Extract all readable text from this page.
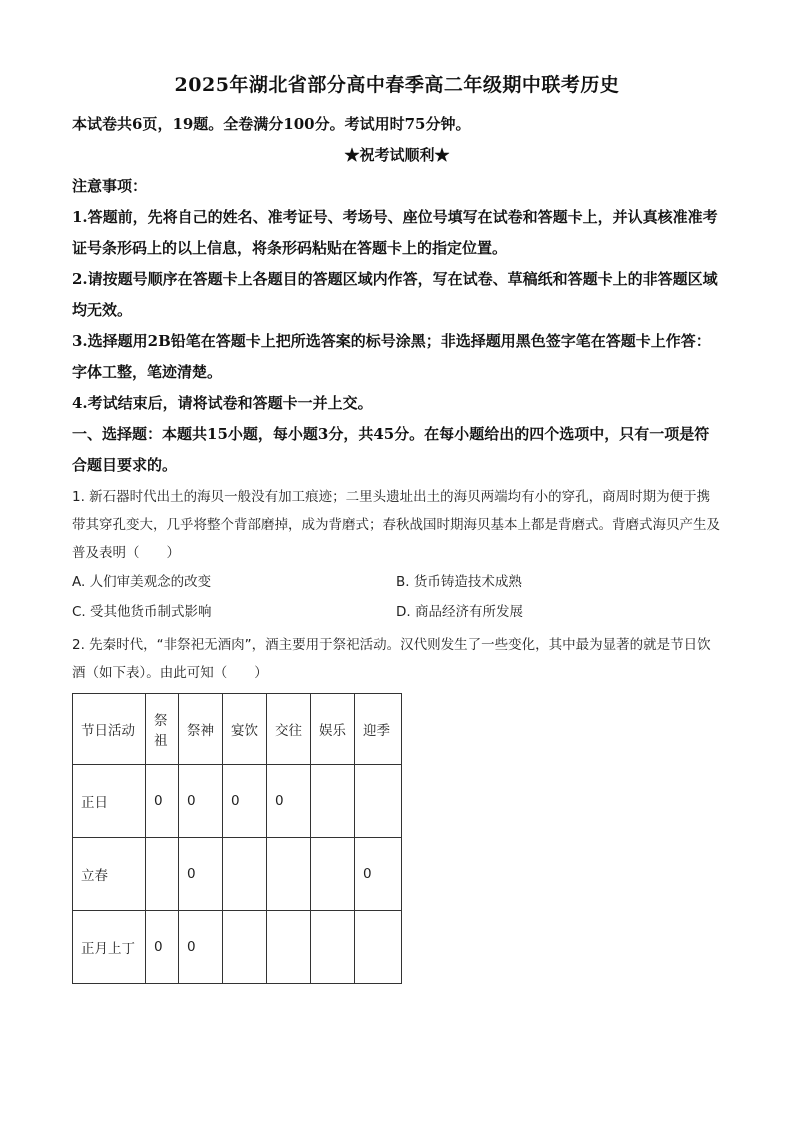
2025年湖北省部分高中春季高二年级期中联考历史

本试卷共6页，19题。全卷满分100分。考试用时75分钟。

★祝考试顺利★

注意事项：

1.答题前，先将自己的姓名、准考证号、考场号、座位号填写在试卷和答题卡上，并认真核准准考证号条形码上的以上信息，将条形码粘贴在答题卡上的指定位置。

2.请按题号顺序在答题卡上各题目的答题区域内作答，写在试卷、草稿纸和答题卡上的非答题区域均无效。

3.选择题用2B铅笔在答题卡上把所选答案的标号涂黑；非选择题用黑色签字笔在答题卡上作答：字体工整，笔迹清楚。

4.考试结束后，请将试卷和答题卡一并上交。

一、选择题：本题共15小题，每小题3分，共45分。在每小题给出的四个选项中，只有一项是符合题目要求的。

1. 新石器时代出土的海贝一般没有加工痕迹；二里头遗址出土的海贝两端均有小的穿孔，商周时期为便于携带其穿孔变大，几乎将整个背部磨掉，成为背磨式；春秋战国时期海贝基本上都是背磨式。背磨式海贝产生及普及表明（　　）

A. 人们审美观念的改变	B. 货币铸造技术成熟
C. 受其他货币制式影响	D. 商品经济有所发展

2. 先秦时代，“非祭祀无酒肉”，酒主要用于祭祀活动。汉代则发生了一些变化，其中最为显著的就是节日饮酒（如下表）。由此可知（　　）

节日活动	祭祖	祭神	宴饮	交往	娱乐	迎季
正日	0	0	0	0		
立春		0				0
正月上丁	0	0				
